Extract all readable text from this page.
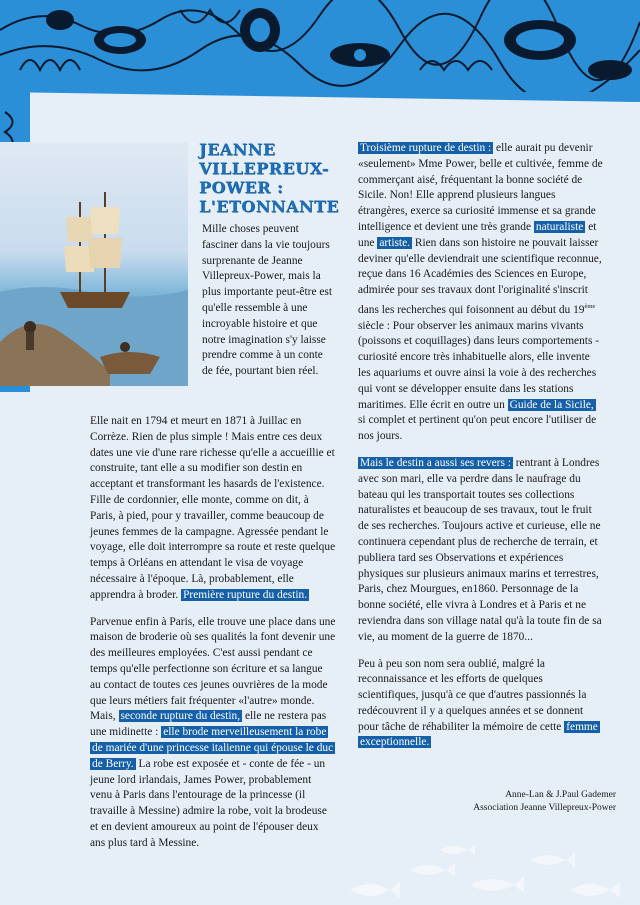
JEANNE VILLEPREUX-POWER : L'ETONNANTE
Mille choses peuvent fasciner dans la vie toujours surprenante de Jeanne Villepreux-Power, mais la plus importante peut-être est qu'elle ressemble à une incroyable histoire et que notre imagination s'y laisse prendre comme à un conte de fée, pourtant bien réel.

Elle nait en 1794 et meurt en 1871 à Juillac en Corrèze. Rien de plus simple ! Mais entre ces deux dates une vie d'une rare richesse qu'elle a accueillie et construite, tant elle a su modifier son destin en acceptant et transformant les hasards de l'existence. Fille de cordonnier, elle monte, comme on dit, à Paris, à pied, pour y travailler, comme beaucoup de jeunes femmes de la campagne. Agressée pendant le voyage, elle doit interrompre sa route et reste quelque temps à Orléans en attendant le visa de voyage nécessaire à l'époque. Là, probablement, elle apprendra à broder. Première rupture du destin.

Parvenue enfin à Paris, elle trouve une place dans une maison de broderie où ses qualités la font devenir une des meilleures employées. C'est aussi pendant ce temps qu'elle perfectionne son écriture et sa langue au contact de toutes ces jeunes ouvrières de la mode que leurs métiers fait fréquenter «l'autre» monde. Mais, seconde rupture du destin, elle ne restera pas une midinette : elle brode merveilleusement la robe de mariée d'une princesse italienne qui épouse le duc de Berry. La robe est exposée et - conte de fée - un jeune lord irlandais, James Power, probablement venu à Paris dans l'entourage de la princesse (il travaille à Messine) admire la robe, voit la brodeuse et en devient amoureux au point de l'épouser deux ans plus tard à Messine.

Troisième rupture de destin : elle aurait pu devenir «seulement» Mme Power, belle et cultivée, femme de commerçant aisé, fréquentant la bonne société de Sicile. Non! Elle apprend plusieurs langues étrangères, exerce sa curiosité immense et sa grande intelligence et devient une très grande naturaliste et une artiste. Rien dans son histoire ne pouvait laisser deviner qu'elle deviendrait une scientifique reconnue, reçue dans 16 Académies des Sciences en Europe, admirée pour ses travaux dont l'originalité s'inscrit dans les recherches qui foisonnent au début du 19ème siècle : Pour observer les animaux marins vivants (poissons et coquillages) dans leurs comportements - curiosité encore très inhabituelle alors, elle invente les aquariums et ouvre ainsi la voie à des recherches qui vont se développer ensuite dans les stations maritimes. Elle écrit en outre un Guide de la Sicile, si complet et pertinent qu'on peut encore l'utiliser de nos jours.

Mais le destin a aussi ses revers : rentrant à Londres avec son mari, elle va perdre dans le naufrage du bateau qui les transportait toutes ses collections naturalistes et beaucoup de ses travaux, tout le fruit de ses recherches. Toujours active et curieuse, elle ne continuera cependant plus de recherche de terrain, et publiera tard ses Observations et expériences physiques sur plusieurs animaux marins et terrestres, Paris, chez Mourgues, en1860. Personnage de la bonne société, elle vivra à Londres et à Paris et ne reviendra dans son village natal qu'à la toute fin de sa vie, au moment de la guerre de 1870...

Peu à peu son nom sera oublié, malgré la reconnaissance et les efforts de quelques scientifiques, jusqu'à ce que d'autres passionnés la redécouvrent il y a quelques années et se donnent pour tâche de réhabiliter la mémoire de cette femme exceptionnelle.

Anne-Lan & J.Paul Gademer
Association Jeanne Villepreux-Power
